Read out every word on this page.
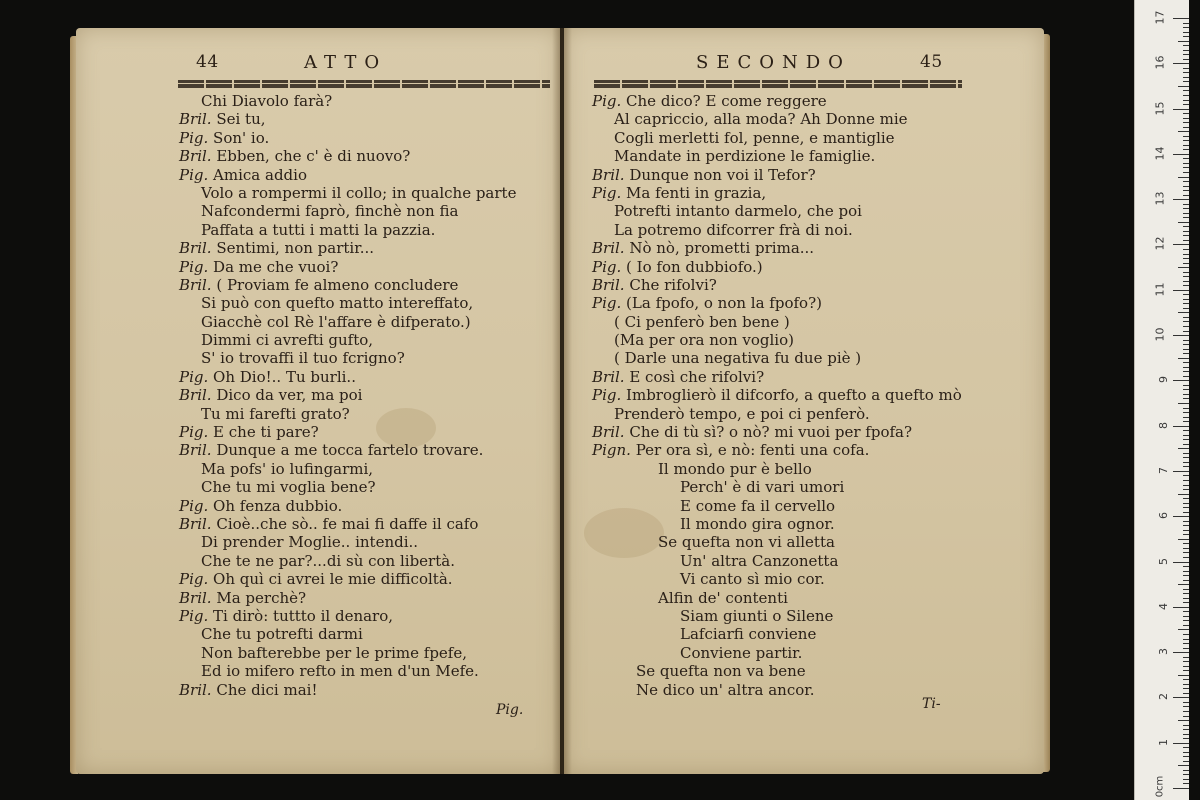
44	ATTO
Chi Diavolo farà?
Bril. Sei tu,
Pig. Son' io.
Bril. Ebben, che c' è di nuovo?
Pig. Amica addio
Volo a rompermi il collo; in qualche parte
Nafcondermi faprò, finchè non fia
Paffata a tutti i matti la pazzia.
Bril. Sentimi, non partir...
Pig. Da me che vuoi?
Bril. ( Proviam fe almeno concludere
Si può con quefto matto intereffato,
Giacchè col Rè l'affare è difperato.)
Dimmi ci avrefti gufto,
S' io trovaffi il tuo fcrigno?
Pig. Oh Dio!.. Tu burli..
Bril. Dico da ver, ma poi
Tu mi farefti grato?
Pig. E che ti pare?
Bril. Dunque a me tocca fartelo trovare.
Ma pofs' io lufingarmi,
Che tu mi voglia bene?
Pig. Oh fenza dubbio.
Bril. Cioè..che sò.. fe mai fi daffe il cafo
Di prender Moglie.. intendi..
Che te ne par?...di sù con libertà.
Pig. Oh quì ci avrei le mie difficoltà.
Bril. Ma perchè?
Pig. Ti dirò: tuttto il denaro,
Che tu potrefti darmi
Non bafterebbe per le prime fpefe,
Ed io mifero refto in men d'un Mefe.
Bril. Che dici mai!
Pig.
SECONDO	45
Pig. Che dico? E come reggere
Al capriccio, alla moda? Ah Donne mie
Cogli merletti fol, penne, e mantiglie
Mandate in perdizione le famiglie.
Bril. Dunque non voi il Tefor?
Pig. Ma fenti in grazia,
Potrefti intanto darmelo, che poi
La potremo difcorrer frà di noi.
Bril. Nò nò, prometti prima...
Pig. ( Io fon dubbiofo.)
Bril. Che rifolvi?
Pig. (La fpofo, o non la fpofo?)
( Ci penferò ben bene )
(Ma per ora non voglio)
( Darle una negativa fu due piè )
Bril. E così che rifolvi?
Pig. Imbroglierò il difcorfo, a quefto a quefto mò
Prenderò tempo, e poi ci penferò.
Bril. Che di tù sì? o nò? mi vuoi per fpofa?
Pign. Per ora sì, e nò: fenti una cofa.
Il mondo pur è bello
Perch' è di vari umori
E come fa il cervello
Il mondo gira ognor.
Se quefta non vi alletta
Un' altra Canzonetta
Vi canto sì mio cor.
Alfin de' contenti
Siam giunti o Silene
Lafciarfi conviene
Conviene partir.
Se quefta non va bene
Ne dico un' altra ancor.
Ti-
0cm
17
16
15
14
13
12
11
10
9
8
7
6
5
4
3
2
1
